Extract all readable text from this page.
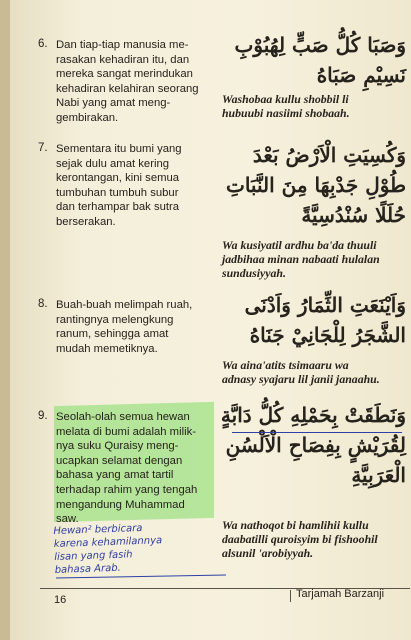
6. Dan tiap-tiap manusia me-
rasakan kehadiran itu, dan
mereka sangat merindukan
kehadiran kelahiran seorang
Nabi yang amat meng-
gembirakan.
وَصَبَا كُلُّ صَبٍّ لِهُبُوْبِ نَسِيْمِ صَبَاهُ
Washobaa kullu shobbil li
hubuubi nasiimi shobaah.
7. Sementara itu bumi yang
sejak dulu amat kering
kerontangan, kini semua
tumbuhan tumbuh subur
dan terhampar bak sutra
berserakan.
وَكُسِيَتِ الْاَرْضُ بَعْدَ طُوْلِ جَدْبِهَا مِنَ النَّبَاتِ حُلَلًا سُنْدُسِيَّةً
Wa kusiyatil ardhu ba'da thuuli
jadbihaa minan nabaati hulalan
sundusiyyah.
8. Buah-buah melimpah ruah,
rantingnya melengkung
ranum, sehingga amat
mudah memetiknya.
وَاَيْنَعَتِ الثِّمَارُ وَاَدْنَى الشَّجَرُ لِلْجَانِيْ جَنَاهُ
Wa aina'atits tsimaaru wa
adnasy syajaru lil janii janaahu.
9. Seolah-olah semua hewan
melata di bumi adalah milik-
nya suku Quraisy meng-
ucapkan selamat dengan
bahasa yang amat tartil
terhadap rahim yang tengah
mengandung Muhammad
saw.
وَنَطَقَتْ بِحَمْلِهِ كُلُّ دَابَّةٍ لِقُرَيْشٍ بِفِصَاحِ الْاَلْسُنِ الْعَرَبِيَّةِ
Wa nathoqot bi hamlihii kullu
daabatilli quroisyim bi fishoohil
alsunil 'arobiyyah.
Hewan² berbicara
karena kehamilannya
lisan yang fasih
bahasa Arab.
16	Tarjamah Barzanji
